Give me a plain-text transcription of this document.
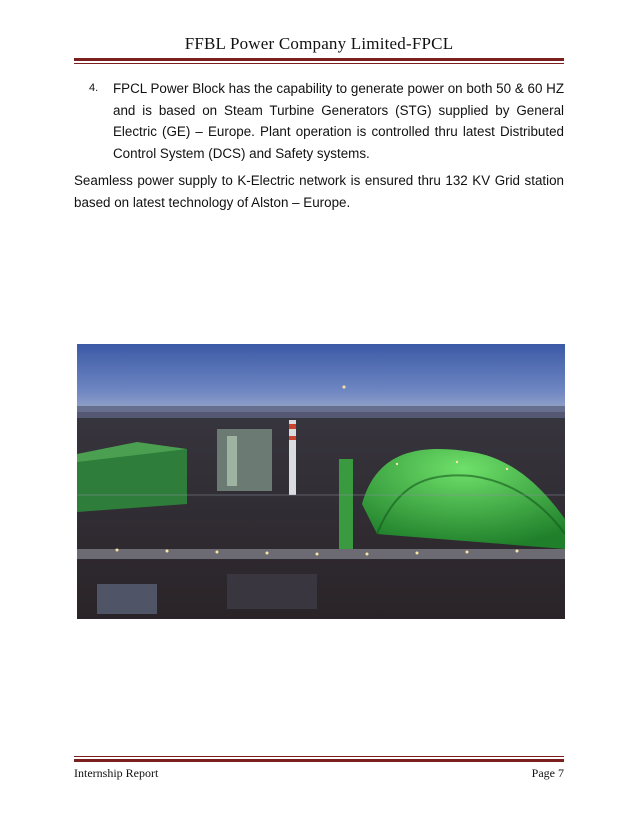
FFBL Power Company Limited-FPCL
4. FPCL Power Block has the capability to generate power on both 50 & 60 HZ and is based on Steam Turbine Generators (STG) supplied by General Electric (GE) – Europe. Plant operation is controlled thru latest Distributed Control System (DCS) and Safety systems.
Seamless power supply to K-Electric network is ensured thru 132 KV Grid station based on latest technology of Alston – Europe.
Internship Report	Page 7
